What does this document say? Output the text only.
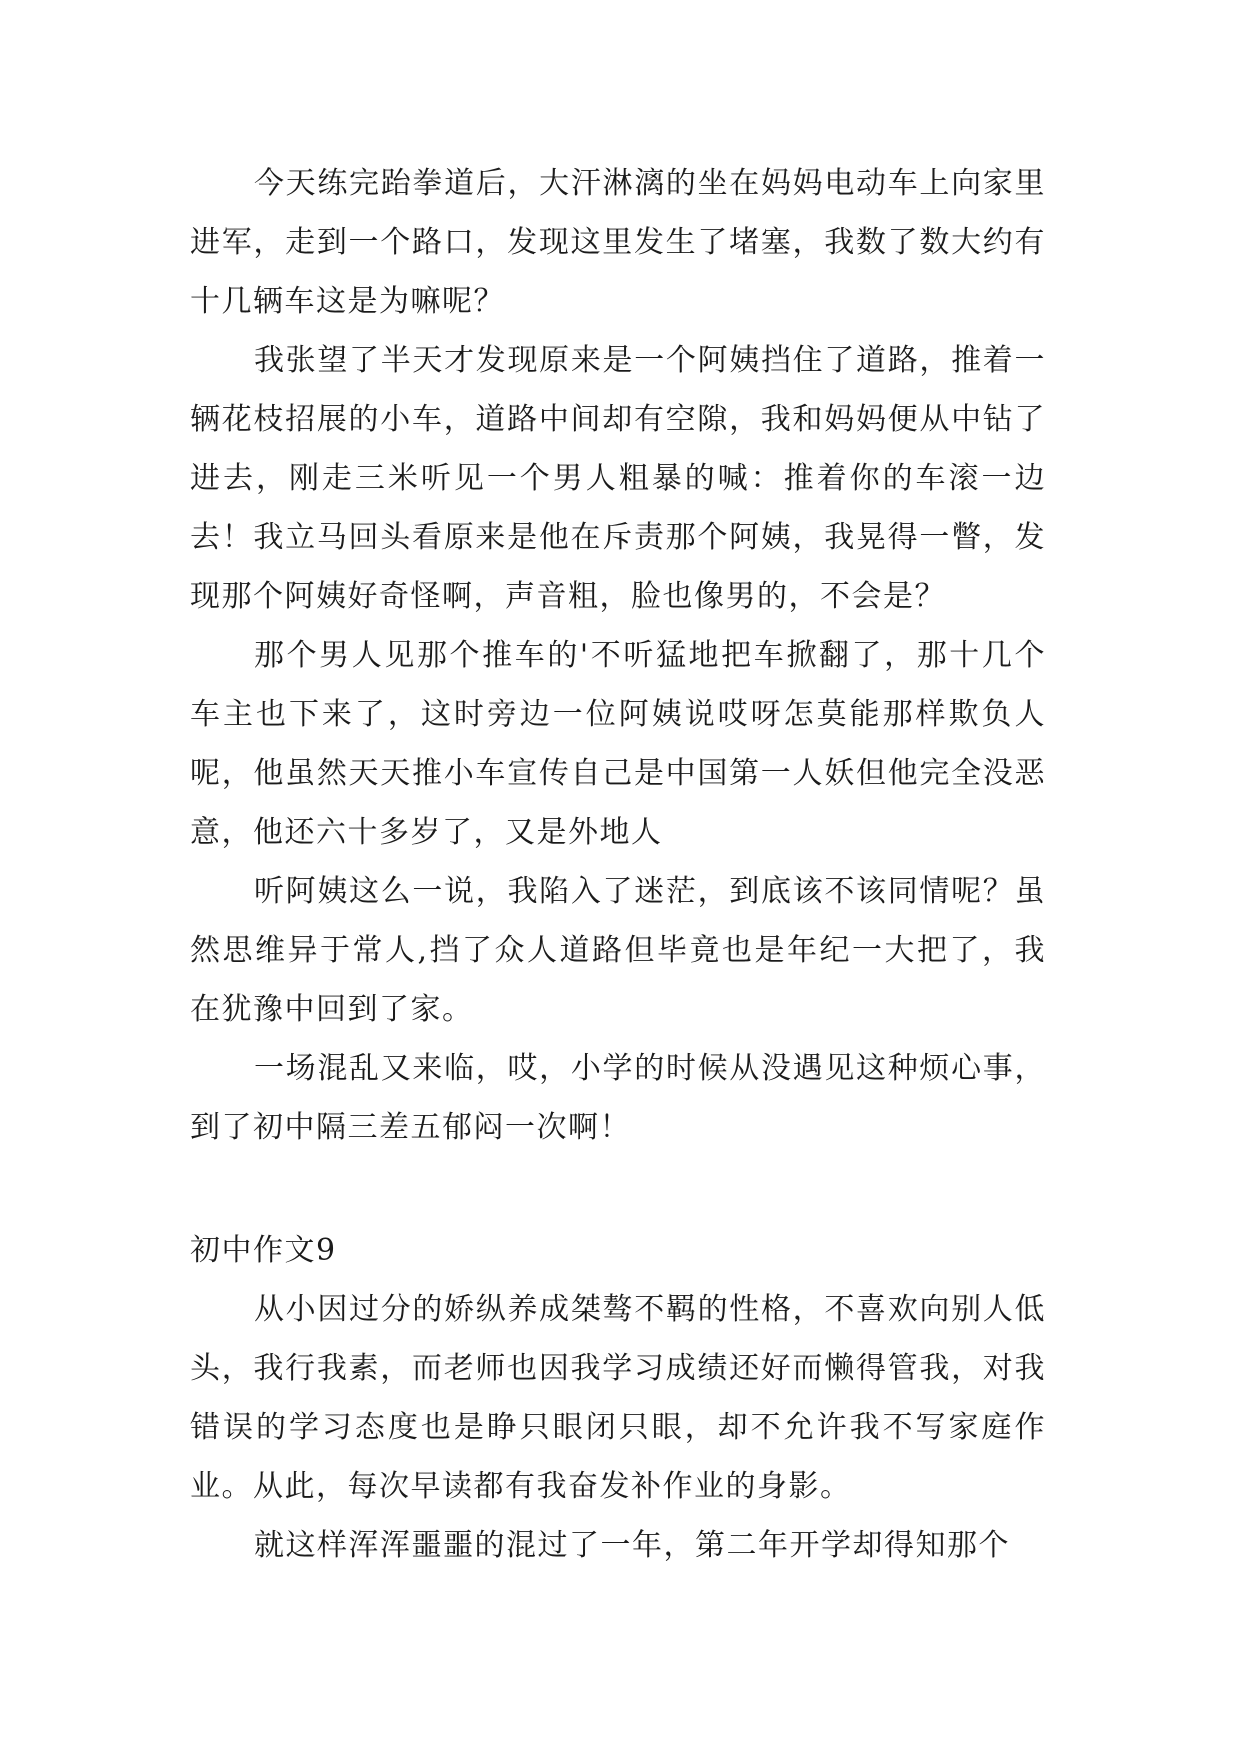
今天练完跆拳道后，大汗淋漓的坐在妈妈电动车上向家里进军，走到一个路口，发现这里发生了堵塞，我数了数大约有十几辆车这是为嘛呢？

我张望了半天才发现原来是一个阿姨挡住了道路，推着一辆花枝招展的小车，道路中间却有空隙，我和妈妈便从中钻了进去，刚走三米听见一个男人粗暴的喊：推着你的车滚一边去！我立马回头看原来是他在斥责那个阿姨，我晃得一瞥，发现那个阿姨好奇怪啊，声音粗，脸也像男的，不会是？

那个男人见那个推车的'不听猛地把车掀翻了，那十几个车主也下来了，这时旁边一位阿姨说哎呀怎莫能那样欺负人呢，他虽然天天推小车宣传自己是中国第一人妖但他完全没恶意，他还六十多岁了，又是外地人

听阿姨这么一说，我陷入了迷茫，到底该不该同情呢？虽然思维异于常人,挡了众人道路但毕竟也是年纪一大把了，我在犹豫中回到了家。

一场混乱又来临，哎，小学的时候从没遇见这种烦心事，到了初中隔三差五郁闷一次啊！

初中作文9

从小因过分的娇纵养成桀骜不羁的性格，不喜欢向别人低头，我行我素，而老师也因我学习成绩还好而懒得管我，对我错误的学习态度也是睁只眼闭只眼，却不允许我不写家庭作业。从此，每次早读都有我奋发补作业的身影。

就这样浑浑噩噩的混过了一年，第二年开学却得知那个
